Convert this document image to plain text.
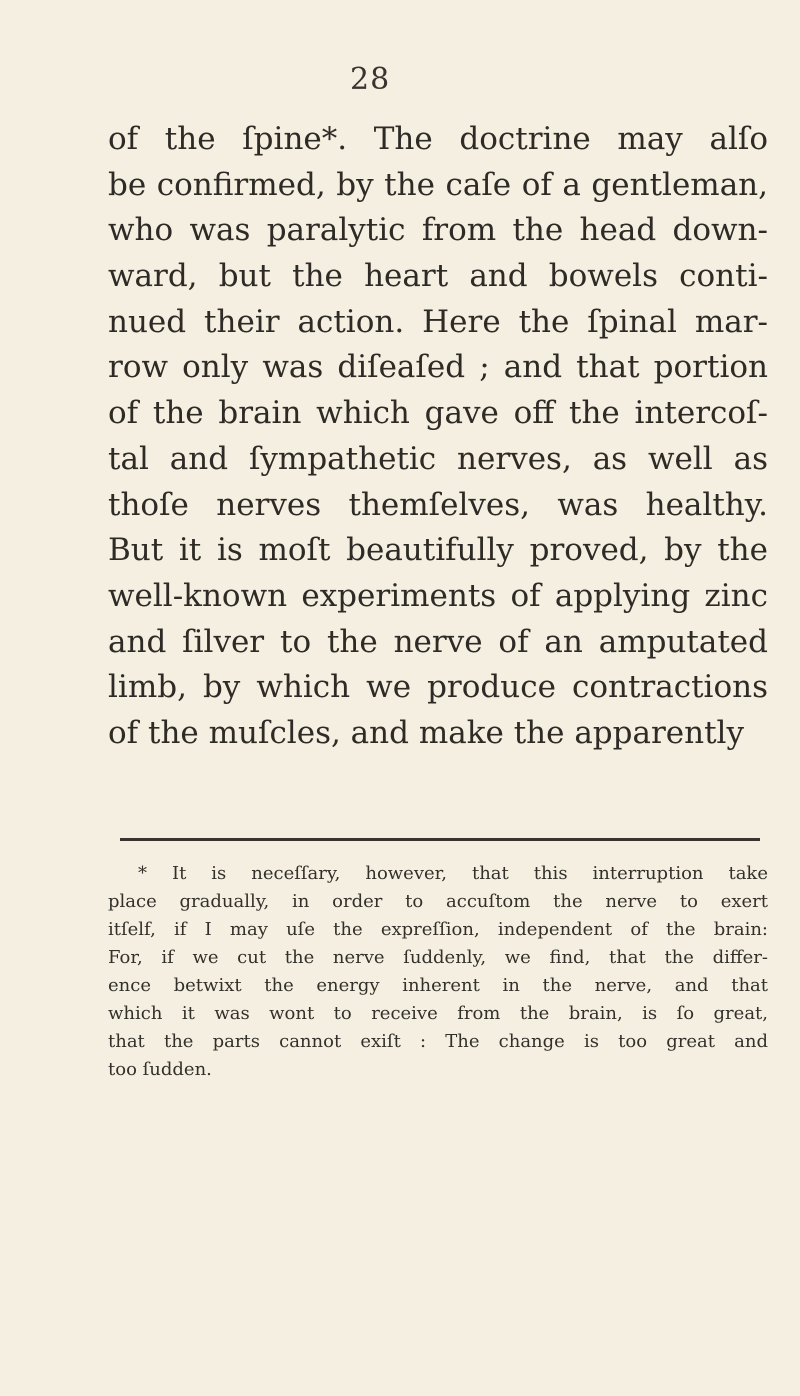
28
of the ſpine*. The doctrine may alſo
be confirmed, by the caſe of a gentleman,
who was paralytic from the head down-
ward, but the heart and bowels conti-
nued their action. Here the ſpinal mar-
row only was diſeaſed ; and that portion
of the brain which gave off the intercoſ-
tal and ſympathetic nerves, as well as
thoſe nerves themſelves, was healthy.
But it is moſt beautifully proved, by the
well-known experiments of applying zinc
and ſilver to the nerve of an amputated
limb, by which we produce contractions
of the muſcles, and make the apparently
* It is neceſſary, however, that this interruption take
place gradually, in order to accuſtom the nerve to exert
itſelf, if I may uſe the expreſſion, independent of the brain:
For, if we cut the nerve ſuddenly, we find, that the differ-
ence betwixt the energy inherent in the nerve, and that
which it was wont to receive from the brain, is ſo great,
that the parts cannot exiſt : The change is too great and
too ſudden.
